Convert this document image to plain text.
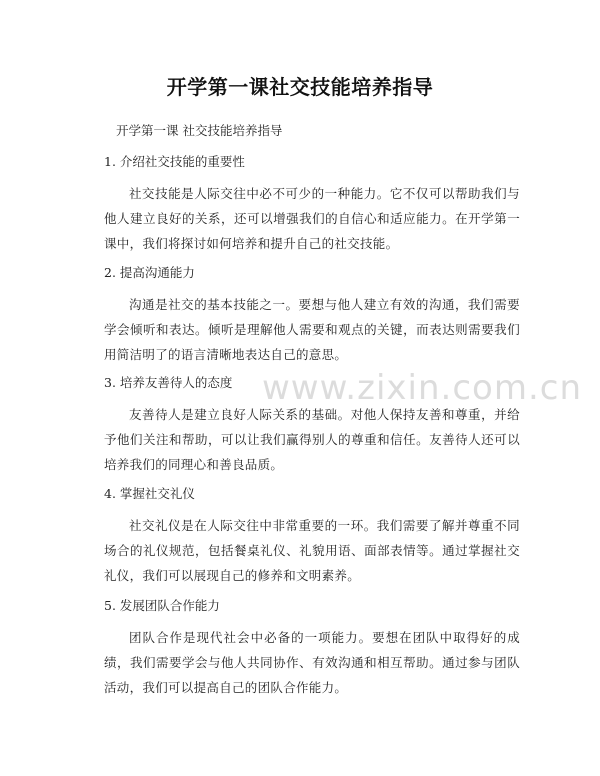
开学第一课社交技能培养指导
开学第一课 社交技能培养指导
1. 介绍社交技能的重要性
社交技能是人际交往中必不可少的一种能力。它不仅可以帮助我们与他人建立良好的关系，还可以增强我们的自信心和适应能力。在开学第一课中，我们将探讨如何培养和提升自己的社交技能。
2. 提高沟通能力
沟通是社交的基本技能之一。要想与他人建立有效的沟通，我们需要学会倾听和表达。倾听是理解他人需要和观点的关键，而表达则需要我们用简洁明了的语言清晰地表达自己的意思。
3. 培养友善待人的态度
友善待人是建立良好人际关系的基础。对他人保持友善和尊重，并给予他们关注和帮助，可以让我们赢得别人的尊重和信任。友善待人还可以培养我们的同理心和善良品质。
4. 掌握社交礼仪
社交礼仪是在人际交往中非常重要的一环。我们需要了解并尊重不同场合的礼仪规范，包括餐桌礼仪、礼貌用语、面部表情等。通过掌握社交礼仪，我们可以展现自己的修养和文明素养。
5. 发展团队合作能力
团队合作是现代社会中必备的一项能力。要想在团队中取得好的成绩，我们需要学会与他人共同协作、有效沟通和相互帮助。通过参与团队活动，我们可以提高自己的团队合作能力。
www.zixin.com.cn
